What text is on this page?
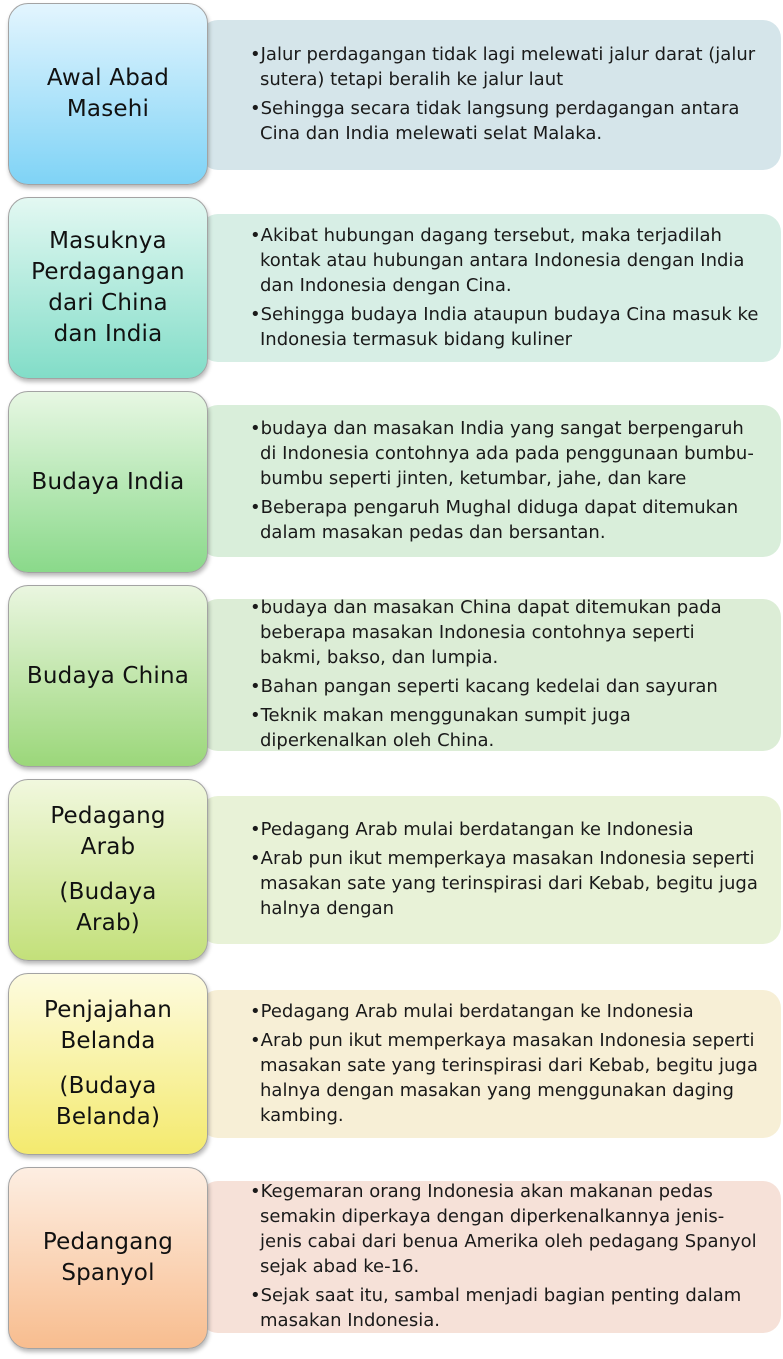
• Jalur perdagangan tidak lagi melewati jalur darat (jalur sutera) tetapi beralih ke jalur laut
• Sehingga secara tidak langsung perdagangan antara Cina dan India melewati selat Malaka.
Awal Abad
Masehi
• Akibat hubungan dagang tersebut, maka terjadilah kontak atau hubungan antara Indonesia dengan India dan Indonesia dengan Cina.
• Sehingga budaya India ataupun budaya Cina masuk ke Indonesia termasuk bidang kuliner
Masuknya
Perdagangan
dari China
dan India
• budaya dan masakan India yang sangat berpengaruh di Indonesia contohnya ada pada penggunaan bumbu-bumbu seperti jinten, ketumbar, jahe, dan kare
• Beberapa pengaruh Mughal diduga dapat ditemukan dalam masakan pedas dan bersantan.
Budaya India
• budaya dan masakan China dapat ditemukan pada beberapa masakan Indonesia contohnya seperti bakmi, bakso, dan lumpia.
• Bahan pangan seperti kacang kedelai dan sayuran
• Teknik makan menggunakan sumpit juga diperkenalkan oleh China.
Budaya China
• Pedagang Arab mulai berdatangan ke Indonesia
• Arab pun ikut memperkaya masakan Indonesia seperti masakan sate yang terinspirasi dari Kebab, begitu juga halnya dengan
Pedagang
Arab
(Budaya
Arab)
• Pedagang Arab mulai berdatangan ke Indonesia
• Arab pun ikut memperkaya masakan Indonesia seperti masakan sate yang terinspirasi dari Kebab, begitu juga halnya dengan masakan yang menggunakan daging kambing.
Penjajahan
Belanda
(Budaya
Belanda)
• Kegemaran orang Indonesia akan makanan pedas semakin diperkaya dengan diperkenalkannya jenis-jenis cabai dari benua Amerika oleh pedagang Spanyol sejak abad ke-16.
• Sejak saat itu, sambal menjadi bagian penting dalam masakan Indonesia.
Pedangang
Spanyol
